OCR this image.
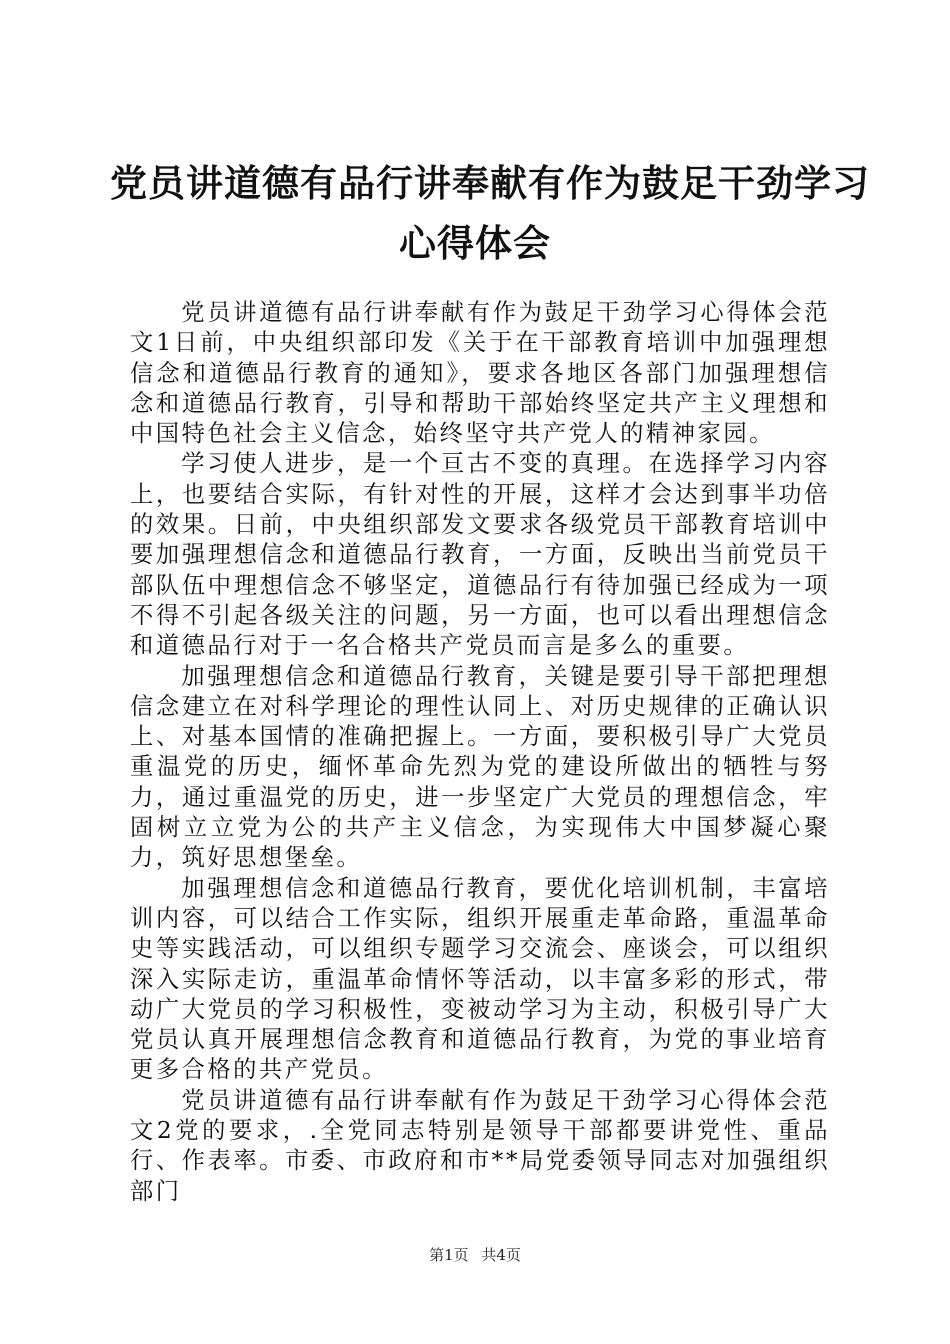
党员讲道德有品行讲奉献有作为鼓足干劲学习
心得体会

党员讲道德有品行讲奉献有作为鼓足干劲学习心得体会范文1日前，中央组织部印发《关于在干部教育培训中加强理想信念和道德品行教育的通知》，要求各地区各部门加强理想信念和道德品行教育，引导和帮助干部始终坚定共产主义理想和中国特色社会主义信念，始终坚守共产党人的精神家园。

学习使人进步，是一个亘古不变的真理。在选择学习内容上，也要结合实际，有针对性的开展，这样才会达到事半功倍的效果。日前，中央组织部发文要求各级党员干部教育培训中要加强理想信念和道德品行教育，一方面，反映出当前党员干部队伍中理想信念不够坚定，道德品行有待加强已经成为一项不得不引起各级关注的问题，另一方面，也可以看出理想信念和道德品行对于一名合格共产党员而言是多么的重要。

加强理想信念和道德品行教育，关键是要引导干部把理想信念建立在对科学理论的理性认同上、对历史规律的正确认识上、对基本国情的准确把握上。一方面，要积极引导广大党员重温党的历史，缅怀革命先烈为党的建设所做出的牺牲与努力，通过重温党的历史，进一步坚定广大党员的理想信念，牢固树立立党为公的共产主义信念，为实现伟大中国梦凝心聚力，筑好思想堡垒。

加强理想信念和道德品行教育，要优化培训机制，丰富培训内容，可以结合工作实际，组织开展重走革命路，重温革命史等实践活动，可以组织专题学习交流会、座谈会，可以组织深入实际走访，重温革命情怀等活动，以丰富多彩的形式，带动广大党员的学习积极性，变被动学习为主动，积极引导广大党员认真开展理想信念教育和道德品行教育，为党的事业培育更多合格的共产党员。

党员讲道德有品行讲奉献有作为鼓足干劲学习心得体会范文2党的要求，.全党同志特别是领导干部都要讲党性、重品行、作表率。市委、市政府和市**局党委领导同志对加强组织部门

第1页 共4页
